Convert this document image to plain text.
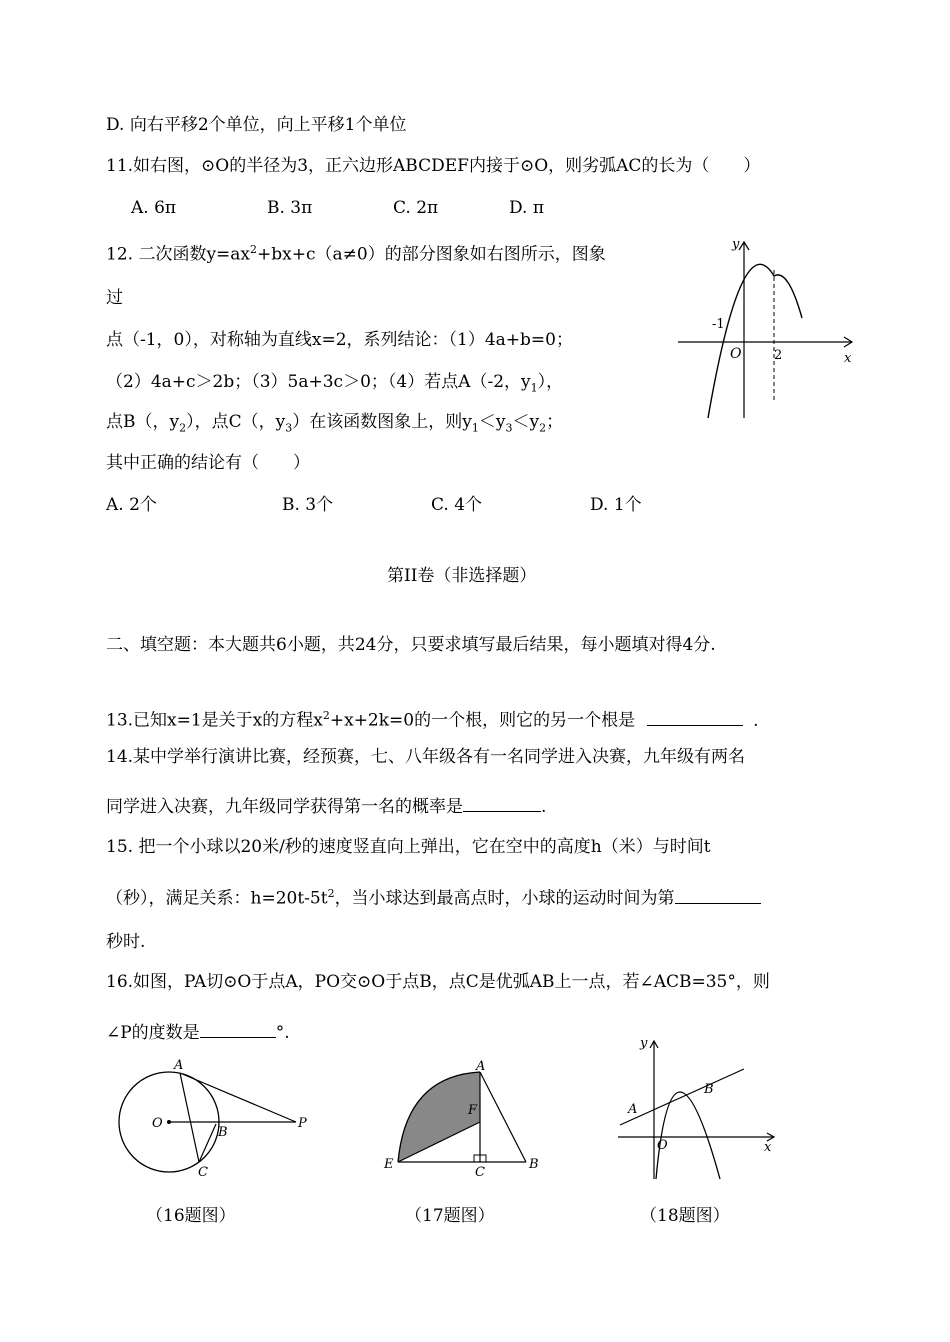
D. 向右平移2个单位，向上平移1个单位
11.如右图，⊙O的半径为3，正六边形ABCDEF内接于⊙O，则劣弧AC的长为（　　）
A. 6π	B. 3π	C. 2π	D. π
12. 二次函数$y=ax^2+bx+c(a\ne 0)$的部分图象如右图所示，图象
过
点（-1，0），对称轴为直线x=2，系列结论：（1）4a+b=0；
（2）4a+c＞2b；（3）5a+3c＞0；（4）若点A（-2，$y_1$），
点B（，$y_2$），点C（，$y_3$）在该函数图象上，则$y_1<y_3<y_2$；
其中正确的结论有（　　）
A. 2个	B. 3个	C. 4个	D. 1个
y
x
O
-1
2
第II卷（非选择题）
二、填空题：本大题共6小题，共24分，只要求填写最后结果，每小题填对得4分.
13.已知x=1是关于x的方程$x^2+x+2k=0$的一个根，则它的另一个根是	.
14.某中学举行演讲比赛，经预赛，七、八年级各有一名同学进入决赛，九年级有两名
同学进入决赛，九年级同学获得第一名的概率是	.
15. 把一个小球以20米/秒的速度竖直向上弹出，它在空中的高度h（米）与时间t
（秒），满足关系：$h=20t-5t^2$，当小球达到最高点时，小球的运动时间为第
秒时.
16.如图，PA切⊙O于点A，PO交⊙O于点B，点C是优弧AB上一点，若∠ACB=35°，则
∠P的度数是	°.
A
O
B
C
P
A
F
E
C
B
y
x
A
B
O
（16题图）	（17题图）	（18题图）
